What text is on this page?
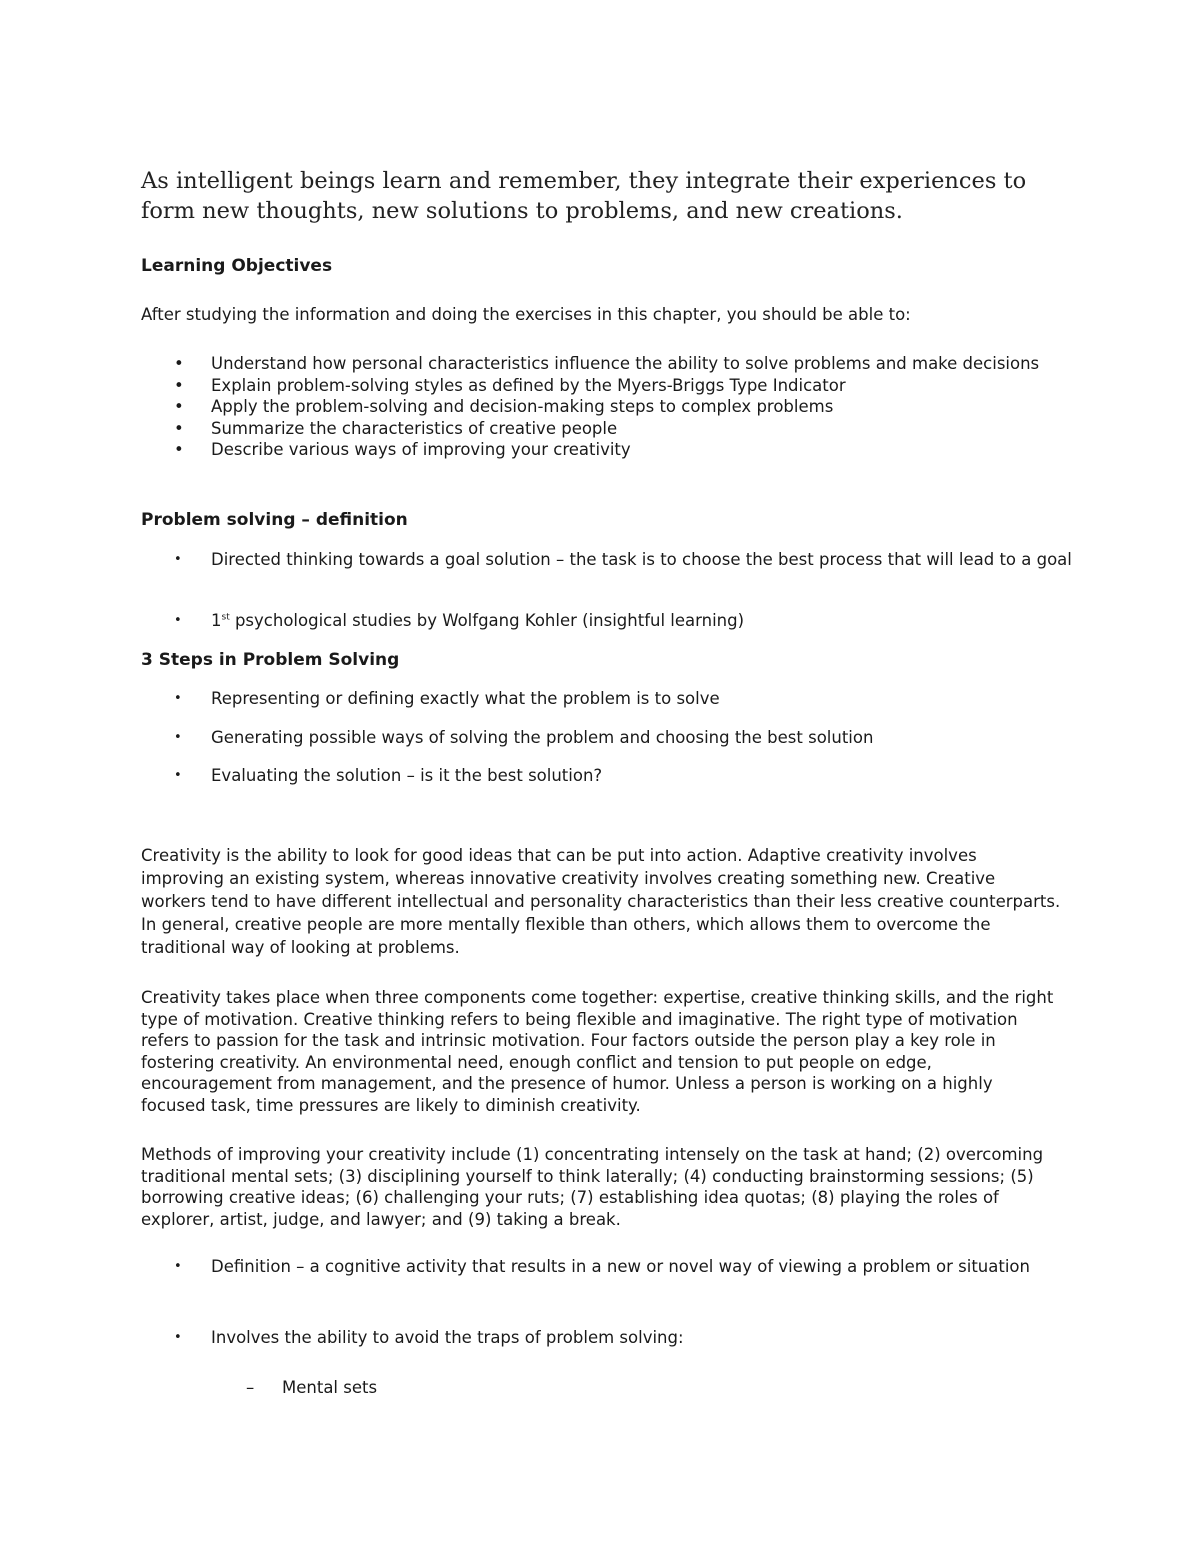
As intelligent beings learn and remember, they integrate their experiences to form new thoughts, new solutions to problems, and new creations.
Learning Objectives
After studying the information and doing the exercises in this chapter, you should be able to:
• Understand how personal characteristics influence the ability to solve problems and make decisions
• Explain problem-solving styles as defined by the Myers-Briggs Type Indicator
• Apply the problem-solving and decision-making steps to complex problems
• Summarize the characteristics of creative people
• Describe various ways of improving your creativity
Problem solving – definition
• Directed thinking towards a goal solution – the task is to choose the best process that will lead to a goal
• 1st psychological studies by Wolfgang Kohler (insightful learning)
3 Steps in Problem Solving
• Representing or defining exactly what the problem is to solve
• Generating possible ways of solving the problem and choosing the best solution
• Evaluating the solution – is it the best solution?
Creativity is the ability to look for good ideas that can be put into action. Adaptive creativity involves improving an existing system, whereas innovative creativity involves creating something new. Creative workers tend to have different intellectual and personality characteristics than their less creative counterparts. In general, creative people are more mentally flexible than others, which allows them to overcome the traditional way of looking at problems.
Creativity takes place when three components come together: expertise, creative thinking skills, and the right type of motivation. Creative thinking refers to being flexible and imaginative. The right type of motivation refers to passion for the task and intrinsic motivation. Four factors outside the person play a key role in fostering creativity. An environmental need, enough conflict and tension to put people on edge, encouragement from management, and the presence of humor. Unless a person is working on a highly focused task, time pressures are likely to diminish creativity.
Methods of improving your creativity include (1) concentrating intensely on the task at hand; (2) overcoming traditional mental sets; (3) disciplining yourself to think laterally; (4) conducting brainstorming sessions; (5) borrowing creative ideas; (6) challenging your ruts; (7) establishing idea quotas; (8) playing the roles of explorer, artist, judge, and lawyer; and (9) taking a break.
• Definition – a cognitive activity that results in a new or novel way of viewing a problem or situation
• Involves the ability to avoid the traps of problem solving:
– Mental sets
